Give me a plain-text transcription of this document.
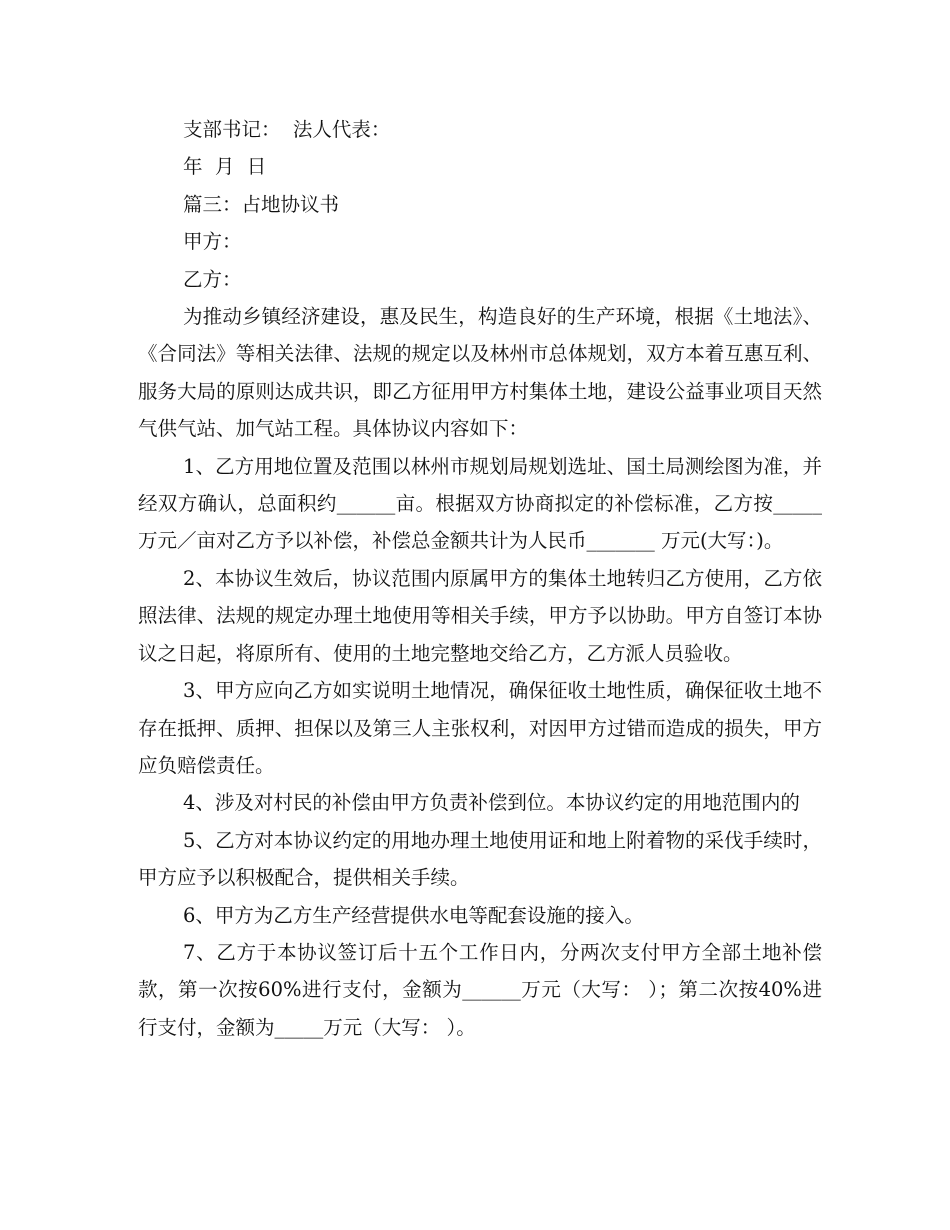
支部书记：  法人代表：
年  月  日
篇三：占地协议书
甲方：
乙方：

为推动乡镇经济建设，惠及民生，构造良好的生产环境，根据《土地法》、《合同法》等相关法律、法规的规定以及林州市总体规划，双方本着互惠互利、服务大局的原则达成共识，即乙方征用甲方村集体土地，建设公益事业项目天然气供气站、加气站工程。具体协议内容如下：

1、乙方用地位置及范围以林州市规划局规划选址、国土局测绘图为准，并经双方确认，总面积约______亩。根据双方协商拟定的补偿标准，乙方按_____万元／亩对乙方予以补偿，补偿总金额共计为人民币_______ 万元(大写：)。

2、本协议生效后，协议范围内原属甲方的集体土地转归乙方使用，乙方依照法律、法规的规定办理土地使用等相关手续，甲方予以协助。甲方自签订本协议之日起，将原所有、使用的土地完整地交给乙方，乙方派人员验收。

3、甲方应向乙方如实说明土地情况，确保征收土地性质，确保征收土地不存在抵押、质押、担保以及第三人主张权利，对因甲方过错而造成的损失，甲方应负赔偿责任。

4、涉及对村民的补偿由甲方负责补偿到位。本协议约定的用地范围内的

5、乙方对本协议约定的用地办理土地使用证和地上附着物的采伐手续时，甲方应予以积极配合，提供相关手续。

6、甲方为乙方生产经营提供水电等配套设施的接入。

7、乙方于本协议签订后十五个工作日内，分两次支付甲方全部土地补偿款，第一次按60%进行支付，金额为______万元（大写： ）；第二次按40%进行支付，金额为_____万元（大写： ）。
